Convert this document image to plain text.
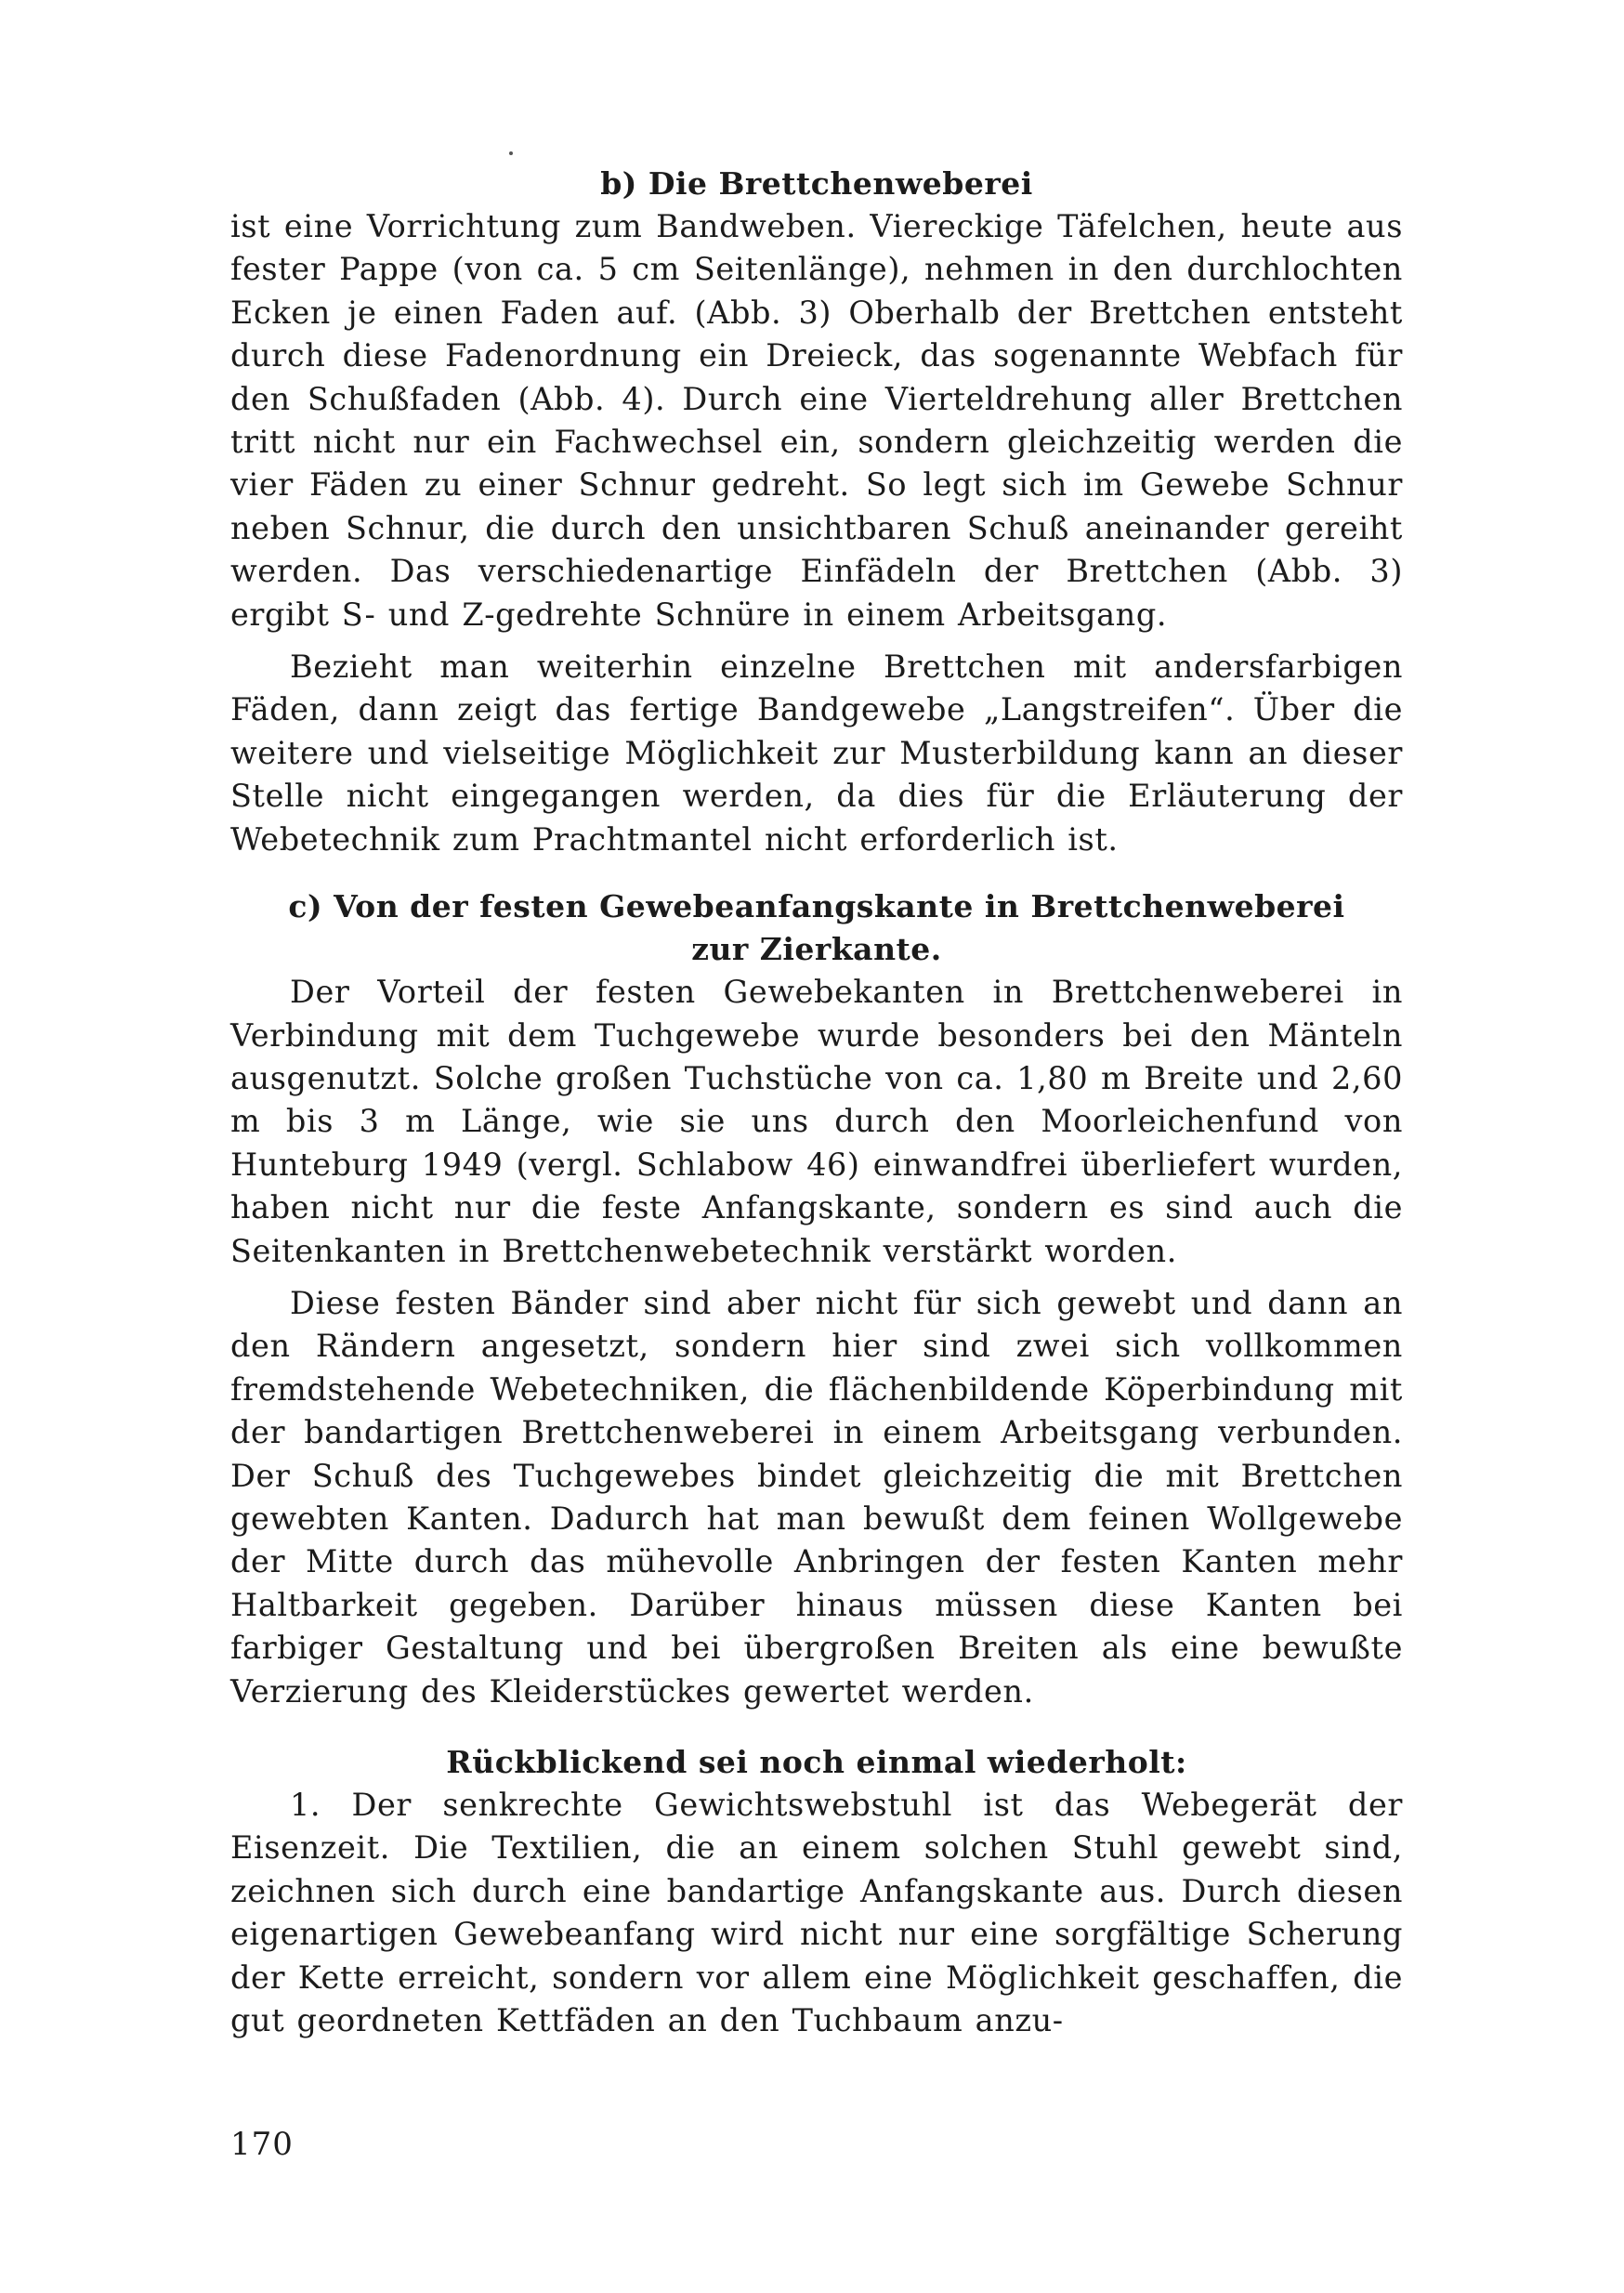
b) Die Brettchenweberei

ist eine Vorrichtung zum Bandweben. Viereckige Täfelchen, heute aus fester Pappe (von ca. 5 cm Seitenlänge), nehmen in den durchlochten Ecken je einen Faden auf. (Abb. 3) Oberhalb der Brettchen entsteht durch diese Fadenordnung ein Dreieck, das sogenannte Webfach für den Schußfaden (Abb. 4). Durch eine Vierteldrehung aller Brettchen tritt nicht nur ein Fachwechsel ein, sondern gleichzeitig werden die vier Fäden zu einer Schnur gedreht. So legt sich im Gewebe Schnur neben Schnur, die durch den unsichtbaren Schuß aneinander gereiht werden. Das verschiedenartige Einfädeln der Brettchen (Abb. 3) ergibt S- und Z-gedrehte Schnüre in einem Arbeitsgang.

Bezieht man weiterhin einzelne Brettchen mit andersfarbigen Fäden, dann zeigt das fertige Bandgewebe „Langstreifen“. Über die weitere und vielseitige Möglichkeit zur Musterbildung kann an dieser Stelle nicht eingegangen werden, da dies für die Erläuterung der Webetechnik zum Prachtmantel nicht erforderlich ist.

c) Von der festen Gewebeanfangskante in Brettchenweberei
zur Zierkante.

Der Vorteil der festen Gewebekanten in Brettchenweberei in Verbindung mit dem Tuchgewebe wurde besonders bei den Mänteln ausgenutzt. Solche großen Tuchstüche von ca. 1,80 m Breite und 2,60 m bis 3 m Länge, wie sie uns durch den Moorleichenfund von Hunteburg 1949 (vergl. Schlabow 46) einwandfrei überliefert wurden, haben nicht nur die feste Anfangskante, sondern es sind auch die Seitenkanten in Brettchenwebetechnik verstärkt worden.

Diese festen Bänder sind aber nicht für sich gewebt und dann an den Rändern angesetzt, sondern hier sind zwei sich vollkommen fremdstehende Webetechniken, die flächenbildende Köperbindung mit der bandartigen Brettchenweberei in einem Arbeitsgang verbunden. Der Schuß des Tuchgewebes bindet gleichzeitig die mit Brettchen gewebten Kanten. Dadurch hat man bewußt dem feinen Wollgewebe der Mitte durch das mühevolle Anbringen der festen Kanten mehr Haltbarkeit gegeben. Darüber hinaus müssen diese Kanten bei farbiger Gestaltung und bei übergroßen Breiten als eine bewußte Verzierung des Kleiderstückes gewertet werden.

Rückblickend sei noch einmal wiederholt:

1. Der senkrechte Gewichtswebstuhl ist das Webegerät der Eisenzeit. Die Textilien, die an einem solchen Stuhl gewebt sind, zeichnen sich durch eine bandartige Anfangskante aus. Durch diesen eigenartigen Gewebeanfang wird nicht nur eine sorgfältige Scherung der Kette erreicht, sondern vor allem eine Möglichkeit geschaffen, die gut geordneten Kettfäden an den Tuchbaum anzu-

170
